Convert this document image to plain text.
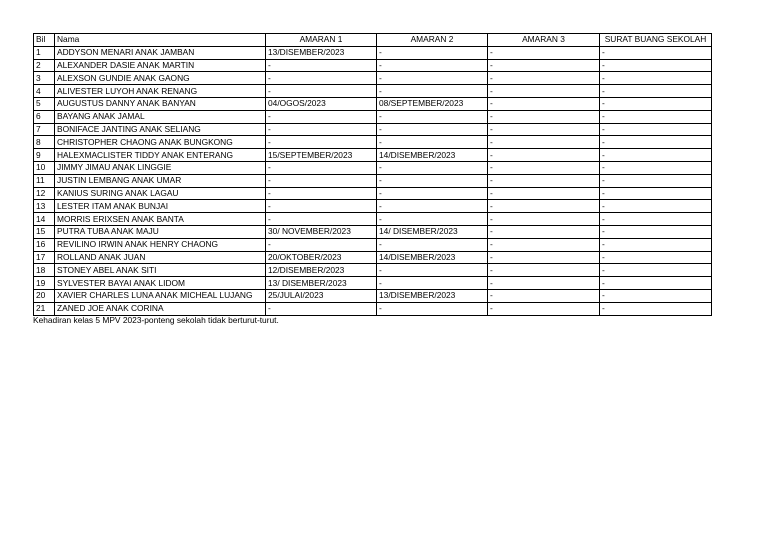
Bil	Nama	AMARAN 1	AMARAN 2	AMARAN 3	SURAT BUANG SEKOLAH
1	ADDYSON MENARI ANAK JAMBAN	13/DISEMBER/2023	-	-	-
2	ALEXANDER DASIE ANAK MARTIN	-	-	-	-
3	ALEXSON GUNDIE ANAK GAONG	-	-	-	-
4	ALIVESTER LUYOH ANAK RENANG	-	-	-	-
5	AUGUSTUS DANNY ANAK BANYAN	04/OGOS/2023	08/SEPTEMBER/2023	-	-
6	BAYANG ANAK JAMAL	-	-	-	-
7	BONIFACE JANTING ANAK SELIANG	-	-	-	-
8	CHRISTOPHER CHAONG ANAK BUNGKONG	-	-	-	-
9	HALEXMACLISTER TIDDY ANAK ENTERANG	15/SEPTEMBER/2023	14/DISEMBER/2023	-	-
10	JIMMY JIMAU ANAK LINGGIE	-	-	-	-
11	JUSTIN LEMBANG ANAK UMAR	-	-	-	-
12	KANIUS SURING ANAK LAGAU	-	-	-	-
13	LESTER ITAM ANAK BUNJAI	-	-	-	-
14	MORRIS ERIXSEN ANAK BANTA	-	-	-	-
15	PUTRA TUBA ANAK MAJU	30/ NOVEMBER/2023	14/ DISEMBER/2023	-	-
16	REVILINO IRWIN ANAK HENRY CHAONG	-	-	-	-
17	ROLLAND ANAK JUAN	20/OKTOBER/2023	14/DISEMBER/2023	-	-
18	STONEY ABEL ANAK SITI	12/DISEMBER/2023	-	-	-
19	SYLVESTER BAYAI ANAK LIDOM	13/ DISEMBER/2023	-	-	-
20	XAVIER CHARLES LUNA ANAK MICHEAL LUJANG	25/JULAI/2023	13/DISEMBER/2023	-	-
21	ZANED JOE ANAK CORINA	-	-	-	-
Kehadiran kelas 5 MPV 2023-ponteng sekolah tidak berturut-turut.
